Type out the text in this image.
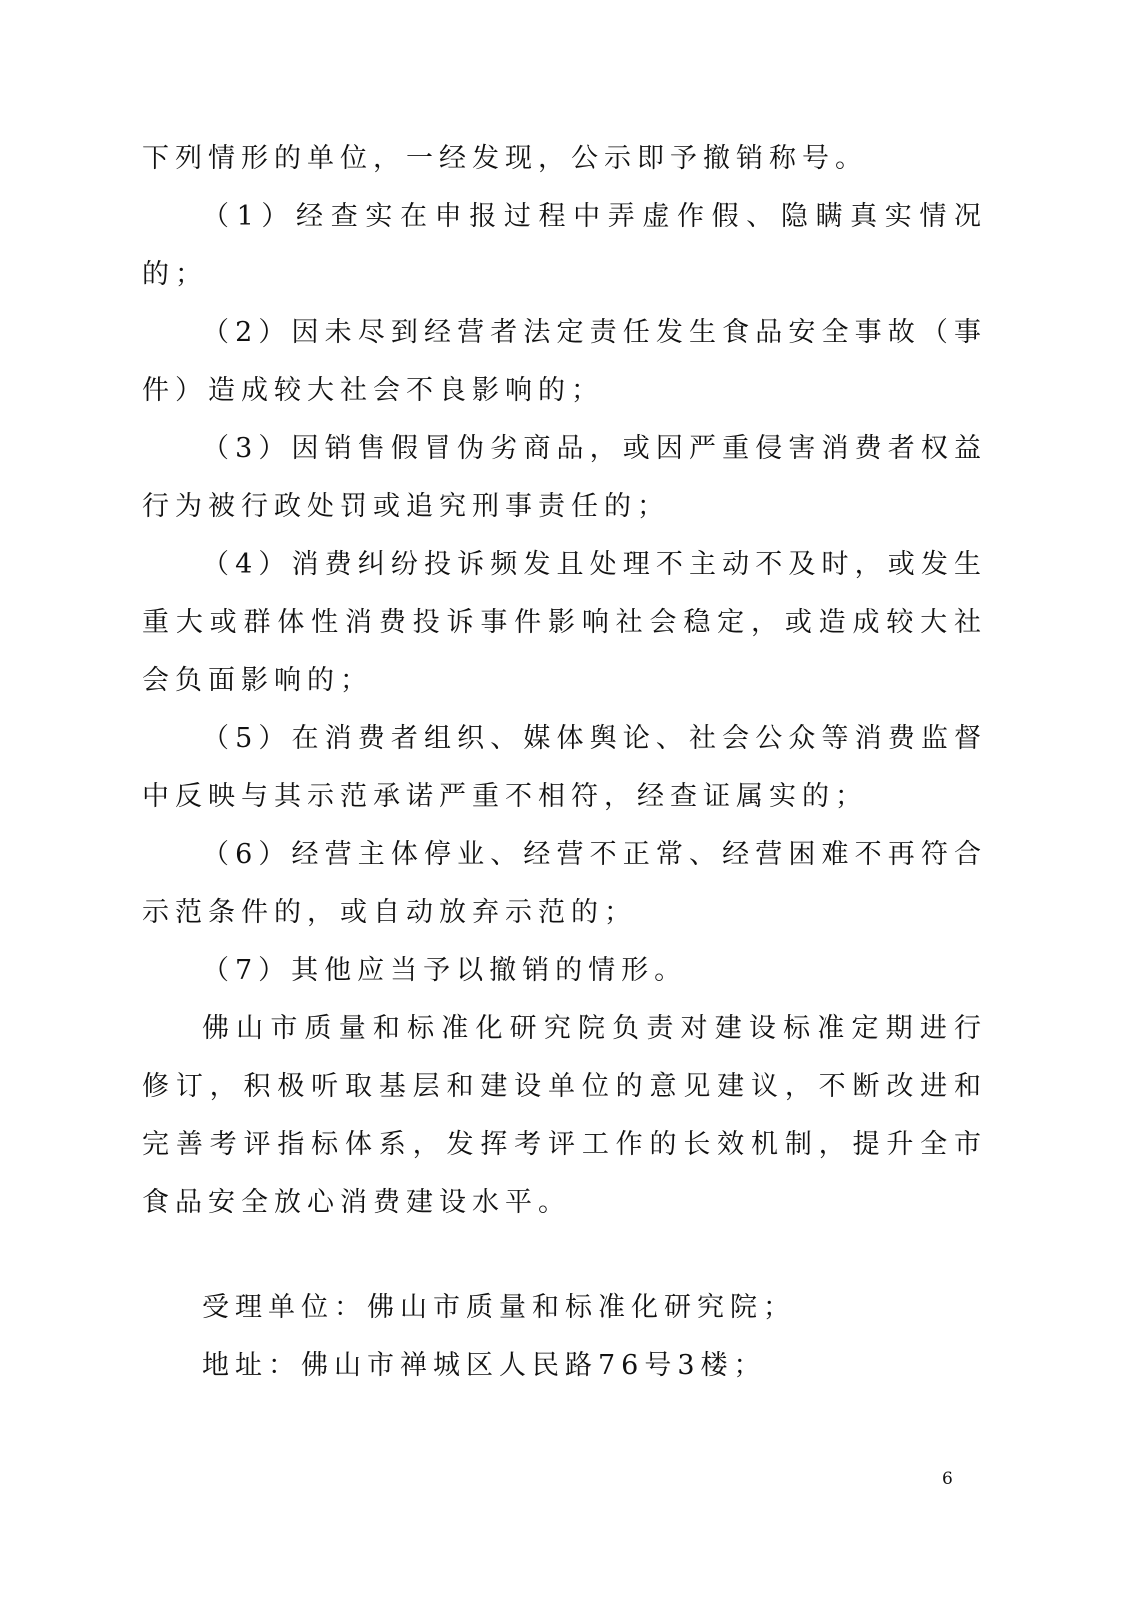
下列情形的单位，一经发现，公示即予撤销称号。

（1）经查实在申报过程中弄虚作假、隐瞒真实情况的；

（2）因未尽到经营者法定责任发生食品安全事故（事件）造成较大社会不良影响的；

（3）因销售假冒伪劣商品，或因严重侵害消费者权益行为被行政处罚或追究刑事责任的；

（4）消费纠纷投诉频发且处理不主动不及时，或发生重大或群体性消费投诉事件影响社会稳定，或造成较大社会负面影响的；

（5）在消费者组织、媒体舆论、社会公众等消费监督中反映与其示范承诺严重不相符，经查证属实的；

（6）经营主体停业、经营不正常、经营困难不再符合示范条件的，或自动放弃示范的；

（7）其他应当予以撤销的情形。

佛山市质量和标准化研究院负责对建设标准定期进行修订，积极听取基层和建设单位的意见建议，不断改进和完善考评指标体系，发挥考评工作的长效机制，提升全市食品安全放心消费建设水平。

受理单位：佛山市质量和标准化研究院；

地址：佛山市禅城区人民路76号3楼；

6
